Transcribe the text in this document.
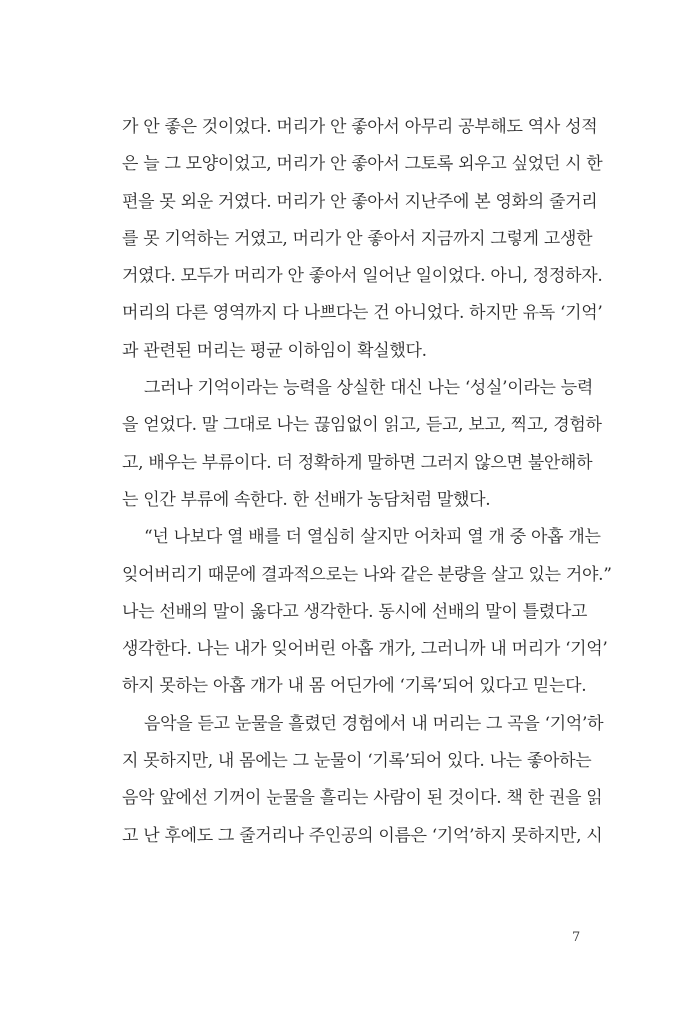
가 안 좋은 것이었다. 머리가 안 좋아서 아무리 공부해도 역사 성적
은 늘 그 모양이었고, 머리가 안 좋아서 그토록 외우고 싶었던 시 한
편을 못 외운 거였다. 머리가 안 좋아서 지난주에 본 영화의 줄거리
를 못 기억하는 거였고, 머리가 안 좋아서 지금까지 그렇게 고생한
거였다. 모두가 머리가 안 좋아서 일어난 일이었다. 아니, 정정하자.
머리의 다른 영역까지 다 나쁘다는 건 아니었다. 하지만 유독 ‘기억’
과 관련된 머리는 평균 이하임이 확실했다.
그러나 기억이라는 능력을 상실한 대신 나는 ‘성실’이라는 능력
을 얻었다. 말 그대로 나는 끊임없이 읽고, 듣고, 보고, 찍고, 경험하
고, 배우는 부류이다. 더 정확하게 말하면 그러지 않으면 불안해하
는 인간 부류에 속한다. 한 선배가 농담처럼 말했다.
“넌 나보다 열 배를 더 열심히 살지만 어차피 열 개 중 아홉 개는
잊어버리기 때문에 결과적으로는 나와 같은 분량을 살고 있는 거야.”
나는 선배의 말이 옳다고 생각한다. 동시에 선배의 말이 틀렸다고
생각한다. 나는 내가 잊어버린 아홉 개가, 그러니까 내 머리가 ‘기억’
하지 못하는 아홉 개가 내 몸 어딘가에 ‘기록’되어 있다고 믿는다.
음악을 듣고 눈물을 흘렸던 경험에서 내 머리는 그 곡을 ‘기억’하
지 못하지만, 내 몸에는 그 눈물이 ‘기록’되어 있다. 나는 좋아하는
음악 앞에선 기꺼이 눈물을 흘리는 사람이 된 것이다. 책 한 권을 읽
고 난 후에도 그 줄거리나 주인공의 이름은 ‘기억’하지 못하지만, 시
7
